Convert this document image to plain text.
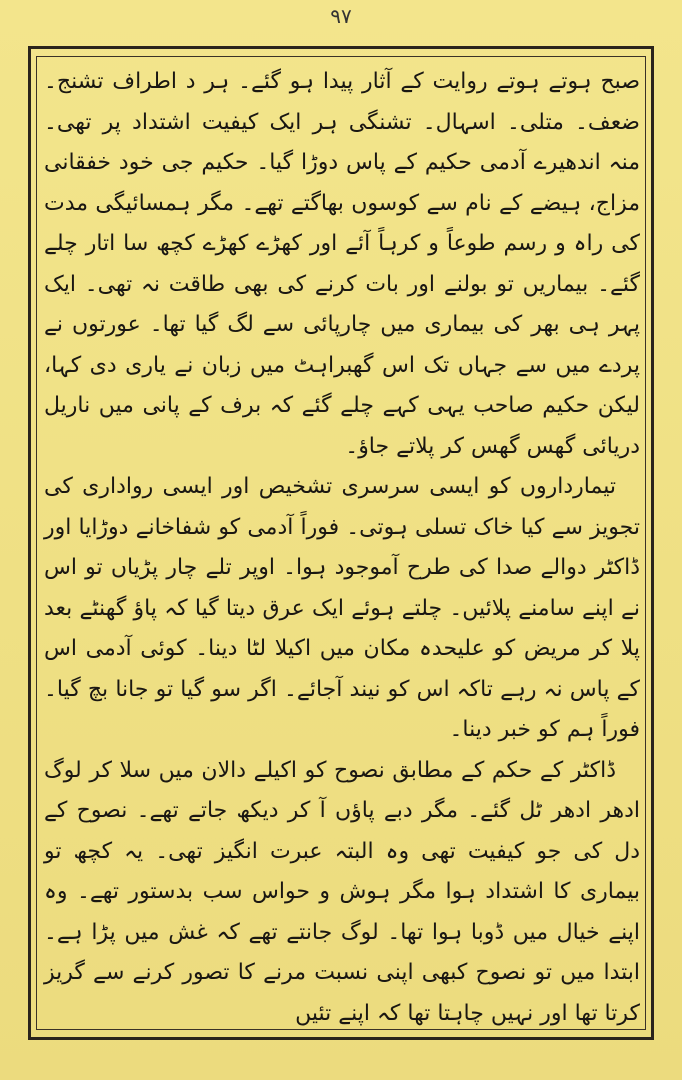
۹۷

صبح ہوتے ہوتے روایت کے آثار پیدا ہو گئے۔ ہر د اطراف تشنج۔ ضعف۔ متلی۔ اسہال۔ تشنگی ہر ایک کیفیت اشتداد پر تھی۔ منہ اندھیرے آدمی حکیم کے پاس دوڑا گیا۔ حکیم جی خود خفقانی مزاج، ہیضے کے نام سے کوسوں بھاگتے تھے۔ مگر ہمسائیگی مدت کی راہ و رسم طوعاً و کرہاً آئے اور کھڑے کھڑے کچھ سا اتار چلے گئے۔ بیماریں تو بولنے اور بات کرنے کی بھی طاقت نہ تھی۔ ایک پہر ہی بھر کی بیماری میں چارپائی سے لگ گیا تھا۔ عورتوں نے پردے میں سے جہاں تک اس گھبراہٹ میں زبان نے یاری دی کہا، لیکن حکیم صاحب یہی کہے چلے گئے کہ برف کے پانی میں ناریل دریائی گھس گھس کر پلاتے جاؤ۔

تیمارداروں کو ایسی سرسری تشخیص اور ایسی رواداری کی تجویز سے کیا خاک تسلی ہوتی۔ فوراً آدمی کو شفاخانے دوڑایا اور ڈاکٹر دوالے صدا کی طرح آموجود ہوا۔ اوپر تلے چار پڑیاں تو اس نے اپنے سامنے پلائیں۔ چلتے ہوئے ایک عرق دیتا گیا کہ پاؤ گھنٹے بعد پلا کر مریض کو علیحدہ مکان میں اکیلا لٹا دینا۔ کوئی آدمی اس کے پاس نہ رہے تاکہ اس کو نیند آجائے۔ اگر سو گیا تو جانا بچ گیا۔ فوراً ہم کو خبر دینا۔

ڈاکٹر کے حکم کے مطابق نصوح کو اکیلے دالان میں سلا کر لوگ ادھر ادھر ٹل گئے۔ مگر دبے پاؤں آ کر دیکھ جاتے تھے۔ نصوح کے دل کی جو کیفیت تھی وہ البتہ عبرت انگیز تھی۔ یہ کچھ تو بیماری کا اشتداد ہوا مگر ہوش و حواس سب بدستور تھے۔ وہ اپنے خیال میں ڈوبا ہوا تھا۔ لوگ جانتے تھے کہ غش میں پڑا ہے۔ ابتدا میں تو نصوح کبھی اپنی نسبت مرنے کا تصور کرنے سے گریز کرتا تھا اور نہیں چاہتا تھا کہ اپنے تئیں
